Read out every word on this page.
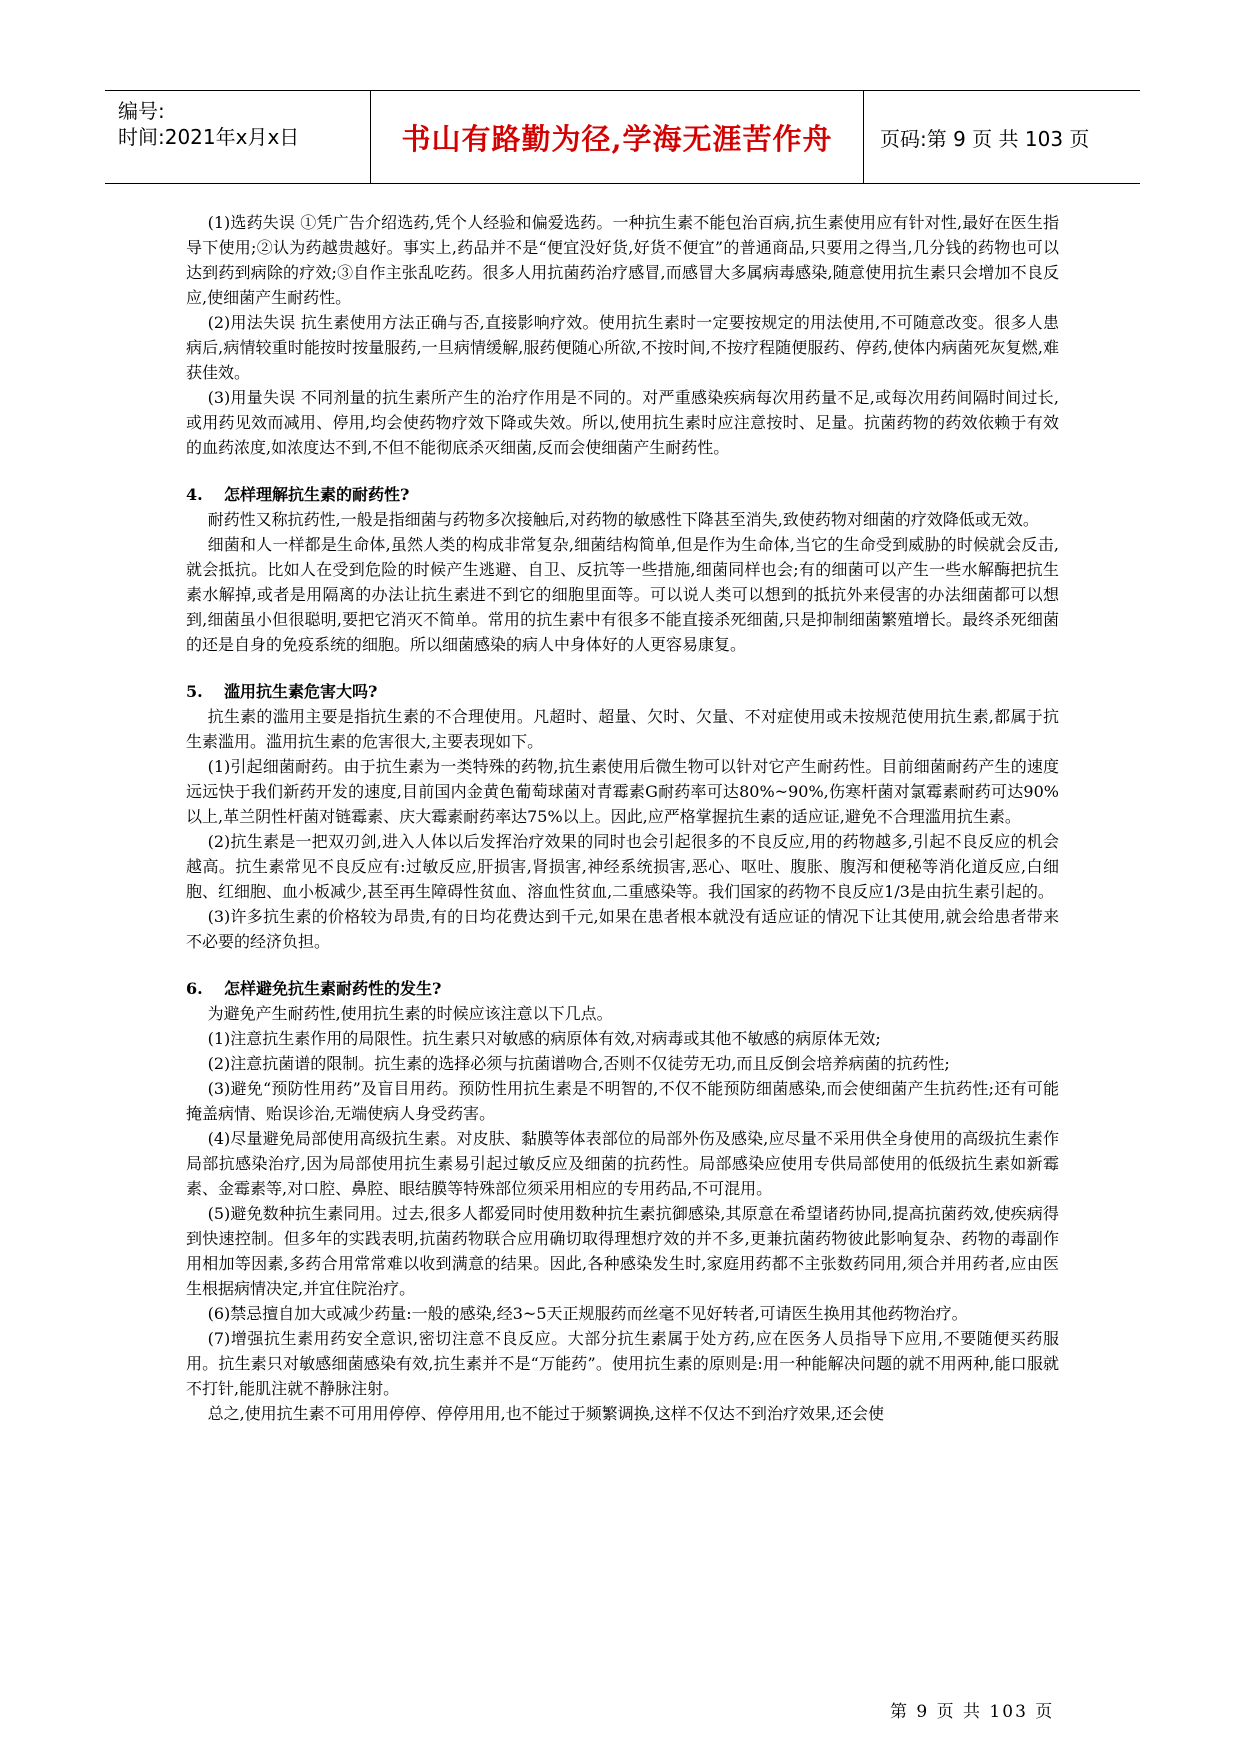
编号:
时间:2021年x月x日	书山有路勤为径,学海无涯苦作舟	页码:第 9 页 共 103 页

(1)选药失误 ①凭广告介绍选药,凭个人经验和偏爱选药。一种抗生素不能包治百病,抗生素使用应有针对性,最好在医生指导下使用;②认为药越贵越好。事实上,药品并不是“便宜没好货,好货不便宜”的普通商品,只要用之得当,几分钱的药物也可以达到药到病除的疗效;③自作主张乱吃药。很多人用抗菌药治疗感冒,而感冒大多属病毒感染,随意使用抗生素只会增加不良反应,使细菌产生耐药性。

(2)用法失误 抗生素使用方法正确与否,直接影响疗效。使用抗生素时一定要按规定的用法使用,不可随意改变。很多人患病后,病情较重时能按时按量服药,一旦病情缓解,服药便随心所欲,不按时间,不按疗程随便服药、停药,使体内病菌死灰复燃,难获佳效。

(3)用量失误 不同剂量的抗生素所产生的治疗作用是不同的。对严重感染疾病每次用药量不足,或每次用药间隔时间过长,或用药见效而减用、停用,均会使药物疗效下降或失效。所以,使用抗生素时应注意按时、足量。抗菌药物的药效依赖于有效的血药浓度,如浓度达不到,不但不能彻底杀灭细菌,反而会使细菌产生耐药性。

4. 怎样理解抗生素的耐药性?

耐药性又称抗药性,一般是指细菌与药物多次接触后,对药物的敏感性下降甚至消失,致使药物对细菌的疗效降低或无效。

细菌和人一样都是生命体,虽然人类的构成非常复杂,细菌结构简单,但是作为生命体,当它的生命受到威胁的时候就会反击,就会抵抗。比如人在受到危险的时候产生逃避、自卫、反抗等一些措施,细菌同样也会;有的细菌可以产生一些水解酶把抗生素水解掉,或者是用隔离的办法让抗生素进不到它的细胞里面等。可以说人类可以想到的抵抗外来侵害的办法细菌都可以想到,细菌虽小但很聪明,要把它消灭不简单。常用的抗生素中有很多不能直接杀死细菌,只是抑制细菌繁殖增长。最终杀死细菌的还是自身的免疫系统的细胞。所以细菌感染的病人中身体好的人更容易康复。

5. 滥用抗生素危害大吗?

抗生素的滥用主要是指抗生素的不合理使用。凡超时、超量、欠时、欠量、不对症使用或未按规范使用抗生素,都属于抗生素滥用。滥用抗生素的危害很大,主要表现如下。

(1)引起细菌耐药。由于抗生素为一类特殊的药物,抗生素使用后微生物可以针对它产生耐药性。目前细菌耐药产生的速度远远快于我们新药开发的速度,目前国内金黄色葡萄球菌对青霉素G耐药率可达80%~90%,伤寒杆菌对氯霉素耐药可达90%以上,革兰阴性杆菌对链霉素、庆大霉素耐药率达75%以上。因此,应严格掌握抗生素的适应证,避免不合理滥用抗生素。

(2)抗生素是一把双刃剑,进入人体以后发挥治疗效果的同时也会引起很多的不良反应,用的药物越多,引起不良反应的机会越高。抗生素常见不良反应有:过敏反应,肝损害,肾损害,神经系统损害,恶心、呕吐、腹胀、腹泻和便秘等消化道反应,白细胞、红细胞、血小板减少,甚至再生障碍性贫血、溶血性贫血,二重感染等。我们国家的药物不良反应1/3是由抗生素引起的。

(3)许多抗生素的价格较为昂贵,有的日均花费达到千元,如果在患者根本就没有适应证的情况下让其使用,就会给患者带来不必要的经济负担。

6. 怎样避免抗生素耐药性的发生?

为避免产生耐药性,使用抗生素的时候应该注意以下几点。

(1)注意抗生素作用的局限性。抗生素只对敏感的病原体有效,对病毒或其他不敏感的病原体无效;

(2)注意抗菌谱的限制。抗生素的选择必须与抗菌谱吻合,否则不仅徒劳无功,而且反倒会培养病菌的抗药性;

(3)避免“预防性用药”及盲目用药。预防性用抗生素是不明智的,不仅不能预防细菌感染,而会使细菌产生抗药性;还有可能掩盖病情、贻误诊治,无端使病人身受药害。

(4)尽量避免局部使用高级抗生素。对皮肤、黏膜等体表部位的局部外伤及感染,应尽量不采用供全身使用的高级抗生素作局部抗感染治疗,因为局部使用抗生素易引起过敏反应及细菌的抗药性。局部感染应使用专供局部使用的低级抗生素如新霉素、金霉素等,对口腔、鼻腔、眼结膜等特殊部位须采用相应的专用药品,不可混用。

(5)避免数种抗生素同用。过去,很多人都爱同时使用数种抗生素抗御感染,其原意在希望诸药协同,提高抗菌药效,使疾病得到快速控制。但多年的实践表明,抗菌药物联合应用确切取得理想疗效的并不多,更兼抗菌药物彼此影响复杂、药物的毒副作用相加等因素,多药合用常常难以收到满意的结果。因此,各种感染发生时,家庭用药都不主张数药同用,须合并用药者,应由医生根据病情决定,并宜住院治疗。

(6)禁忌擅自加大或减少药量:一般的感染,经3~5天正规服药而丝毫不见好转者,可请医生换用其他药物治疗。

(7)增强抗生素用药安全意识,密切注意不良反应。大部分抗生素属于处方药,应在医务人员指导下应用,不要随便买药服用。抗生素只对敏感细菌感染有效,抗生素并不是“万能药”。使用抗生素的原则是:用一种能解决问题的就不用两种,能口服就不打针,能肌注就不静脉注射。

总之,使用抗生素不可用用停停、停停用用,也不能过于频繁调换,这样不仅达不到治疗效果,还会使

第 9 页 共 103 页
